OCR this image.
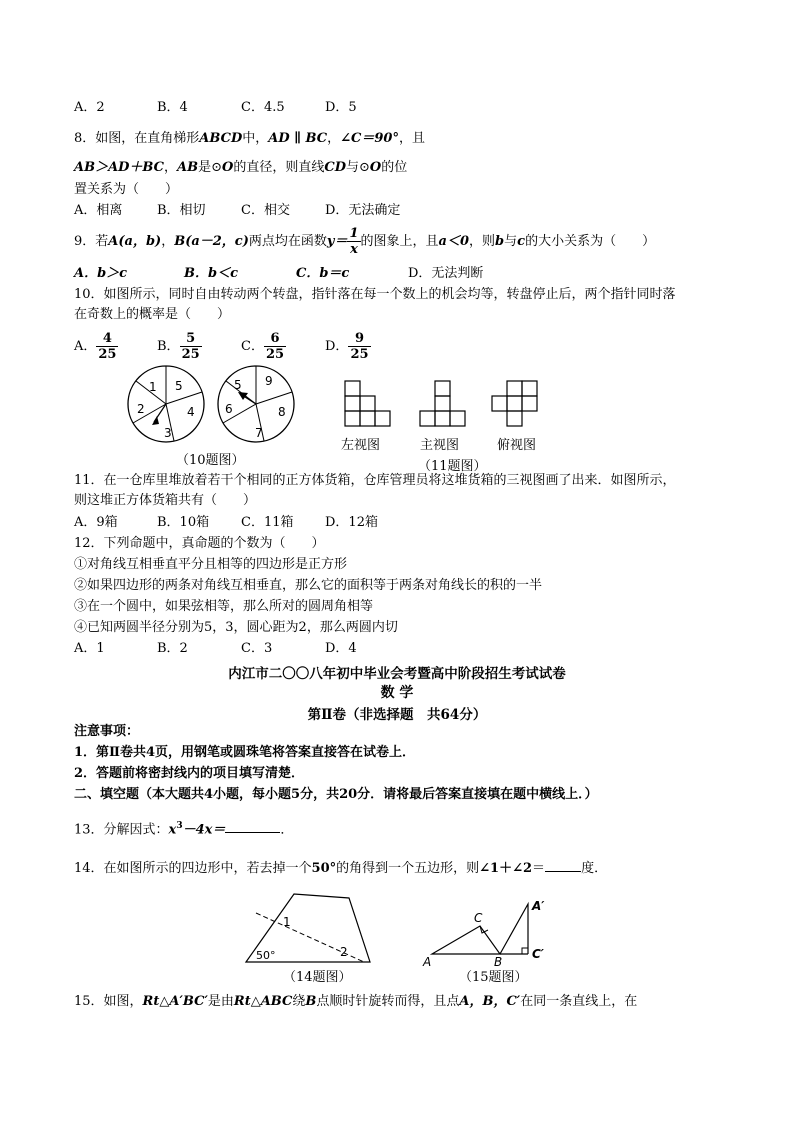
A．2	B．4	C．4.5	D．5
8．如图，在直角梯形ABCD中，AD ∥ BC，∠C＝90°，且
AB＞AD＋BC，AB是⊙O的直径，则直线CD与⊙O的位
置关系为（　　）
A．相离	B．相切	C．相交	D．无法确定
9．若A(a，b)，B(a－2，c)两点均在函数$y= \frac{1}{x}$ 的图象上，且a＜0，则b与c的大小关系为（　　）
A．b＞c	B．b＜c	C．b＝c	D．无法判断
10．如图所示，同时自由转动两个转盘，指针落在每一个数上的机会均等，转盘停止后，两个指针同时落
在奇数上的概率是（　　）
A． $\frac{4}{25}$	B． $\frac{5}{25}$	C． $\frac{6}{25}$	D． $\frac{9}{25}$
1 5
2	4
3
5 9
6	8
7
（10题图）
左视图	主视图	俯视图
（11题图）
11．在一仓库里堆放着若干个相同的正方体货箱，仓库管理员将这堆货箱的三视图画了出来．如图所示，
则这堆正方体货箱共有（　　）
A．9箱	B．10箱 C．11箱 D．12箱
12．下列命题中，真命题的个数为（　　）
①对角线互相垂直平分且相等的四边形是正方形
②如果四边形的两条对角线互相垂直，那么它的面积等于两条对角线长的积的一半
③在一个圆中，如果弦相等，那么所对的圆周角相等
④已知两圆半径分别为5，3，圆心距为2，那么两圆内切
A．1	B．2	C．3	D．4
内江市二〇〇八年初中毕业会考暨高中阶段招生考试试卷
数 学
第Ⅱ卷（非选择题　共64分）
注意事项：
1．第Ⅱ卷共4页，用钢笔或圆珠笔将答案直接答在试卷上．
2．答题前将密封线内的项目填写清楚．
二、填空题（本大题共4小题，每小题5分，共20分．请将最后答案直接填在题中横线上．）
13．分解因式：$x^3-4x=$	．
14．在如图所示的四边形中，若去掉一个50°的角得到一个五边形，则∠1＋∠2＝	度．
1
2
50°
C
A′
A	B
C′
（14题图）	（15题图）
15．如图，Rt△A′BC′是由Rt△ABC绕B点顺时针旋转而得，且点A，B，C′在同一条直线上，在
